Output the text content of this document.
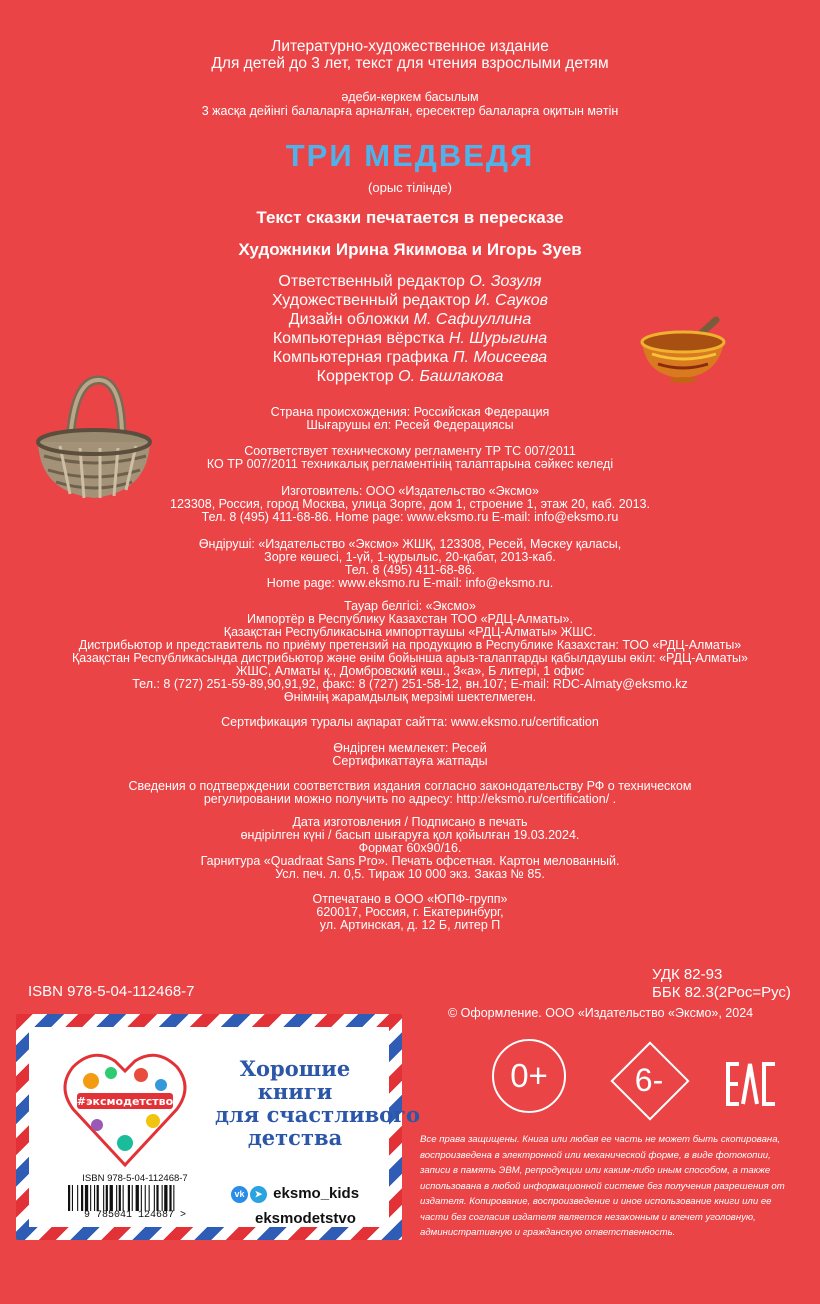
Литературно-художественное издание
Для детей до 3 лет, текст для чтения взрослыми детям
әдеби-көркем басылым
3 жасқа дейінгі балаларға арналған, ересектер балаларға оқитын мәтін
ТРИ МЕДВЕДЯ
(орыс тілінде)
Текст сказки печатается в пересказе
Художники Ирина Якимова и Игорь Зуев
Ответственный редактор О. Зозуля
Художественный редактор И. Сауков
Дизайн обложки М. Сафиуллина
Компьютерная вёрстка Н. Шурыгина
Компьютерная графика П. Моисеева
Корректор О. Башлакова
Страна происхождения: Российская Федерация
Шығарушы ел: Ресей Федерациясы
Соответствует техническому регламенту ТР ТС 007/2011
КО ТР 007/2011 техникалық регламентінің талаптарына сәйкес келеді
Изготовитель: ООО «Издательство «Эксмо»
123308, Россия, город Москва, улица Зорге, дом 1, строение 1, этаж 20, каб. 2013.
Тел. 8 (495) 411-68-86. Home page: www.eksmo.ru E-mail: info@eksmo.ru
Өндіруші: «Издательство «Эксмо» ЖШҚ, 123308, Ресей, Мәскеу қаласы,
Зорге көшесі, 1-үй, 1-құрылыс, 20-қабат, 2013-каб.
Тел. 8 (495) 411-68-86.
Home page: www.eksmo.ru E-mail: info@eksmo.ru.
Тауар белгісі: «Эксмо»
Импортёр в Республику Казахстан ТОО «РДЦ-Алматы».
Қазақстан Республикасына импорттаушы «РДЦ-Алматы» ЖШС.
Дистрибьютор и представитель по приёму претензий на продукцию в Республике Казахстан: ТОО «РДЦ-Алматы»
Қазақстан Республикасында дистрибьютор және өнім бойынша арыз-талаптарды қабылдаушы өкіл: «РДЦ-Алматы»
ЖШС, Алматы қ., Домбровский көш., 3«а», Б литері, 1 офис
Тел.: 8 (727) 251-59-89,90,91,92, факс: 8 (727) 251-58-12, вн.107; E-mail: RDC-Almaty@eksmo.kz
Өнімнің жарамдылық мерзімі шектелмеген.
Сертификация туралы ақпарат сайтта: www.eksmo.ru/certification
Өндірген мемлекет: Ресей
Сертификаттауға жатпады
Сведения о подтверждении соответствия издания согласно законодательству РФ о техническом
регулировании можно получить по адресу: http://eksmo.ru/certification/ .
Дата изготовления / Подписано в печать
өндірілген күні / басып шығаруға қол қойылған 19.03.2024.
Формат 60х90/16.
Гарнитура «Quadraat Sans Pro». Печать офсетная. Картон мелованный.
Усл. печ. л. 0,5. Тираж 10 000 экз. Заказ № 85.
Отпечатано в ООО «ЮПФ-групп»
620017, Россия, г. Екатеринбург,
ул. Артинская, д. 12 Б, литер П
ISBN 978-5-04-112468-7
УДК 82-93
ББК 82.3(2Рос=Рус)
© Оформление. ООО «Издательство «Эксмо», 2024
0+	6-
Все права защищены. Книга или любая ее часть не может быть скопирована, воспроизведена в электронной или механической форме, в виде фотокопии, записи в память ЭВМ, репродукции или каким-либо иным способом, а также использована в любой информационной системе без получения разрешения от издателя. Копирование, воспроизведение и иное использование книги или ее части без согласия издателя является незаконным и влечет уголовную, административную и гражданскую ответственность.
#эксмодетство
Хорошие
книги
для счастливого
детства
ISBN 978-5-04-112468-7
9 785041 124687 >
vk ➤ eksmo_kids
eksmodetstvo
